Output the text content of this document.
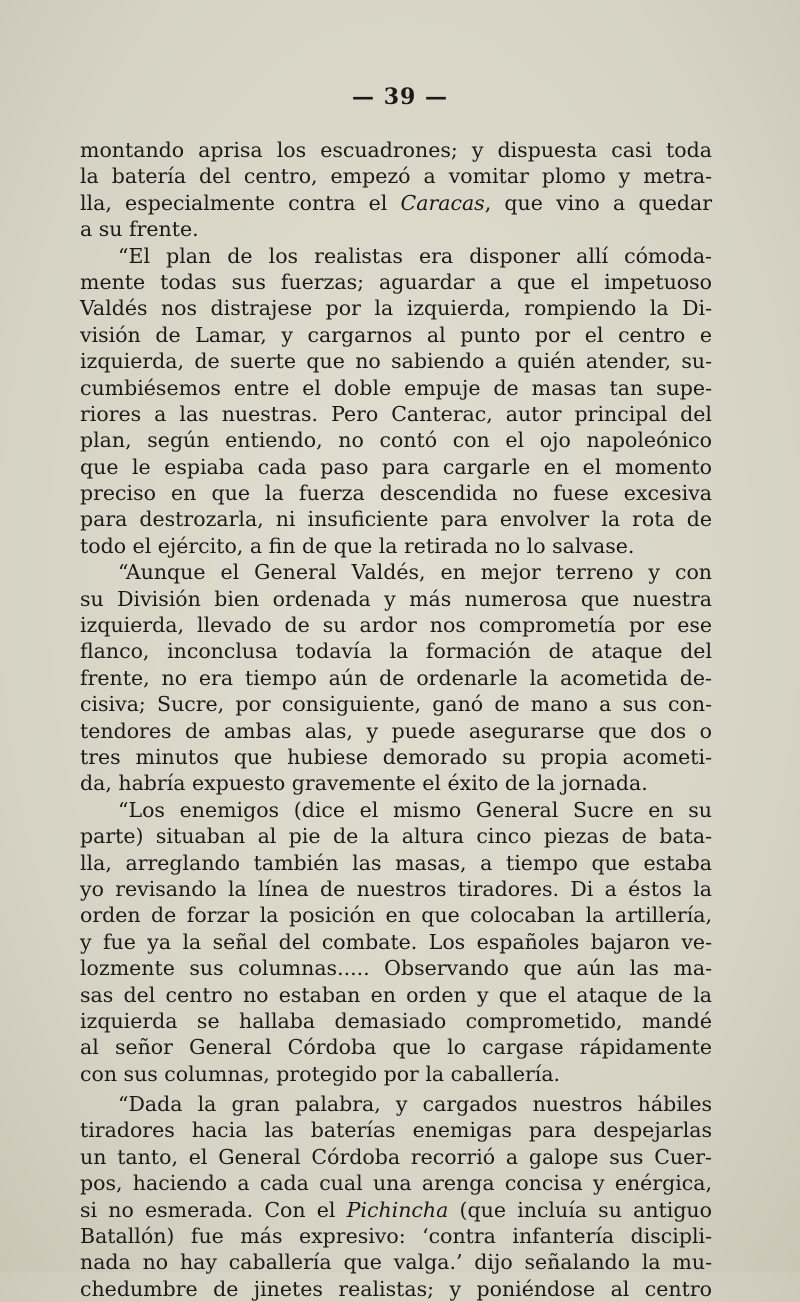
— 39 —
montando aprisa los escuadrones; y dispuesta casi toda
la batería del centro, empezó a vomitar plomo y metra-
lla, especialmente contra el Caracas, que vino a quedar
a su frente.
“El plan de los realistas era disponer allí cómoda-
mente todas sus fuerzas; aguardar a que el impetuoso
Valdés nos distrajese por la izquierda, rompiendo la Di-
visión de Lamar, y cargarnos al punto por el centro e
izquierda, de suerte que no sabiendo a quién atender, su-
cumbiésemos entre el doble empuje de masas tan supe-
riores a las nuestras. Pero Canterac, autor principal del
plan, según entiendo, no contó con el ojo napoleónico
que le espiaba cada paso para cargarle en el momento
preciso en que la fuerza descendida no fuese excesiva
para destrozarla, ni insuficiente para envolver la rota de
todo el ejército, a fin de que la retirada no lo salvase.
“Aunque el General Valdés, en mejor terreno y con
su División bien ordenada y más numerosa que nuestra
izquierda, llevado de su ardor nos comprometía por ese
flanco, inconclusa todavía la formación de ataque del
frente, no era tiempo aún de ordenarle la acometida de-
cisiva; Sucre, por consiguiente, ganó de mano a sus con-
tendores de ambas alas, y puede asegurarse que dos o
tres minutos que hubiese demorado su propia acometi-
da, habría expuesto gravemente el éxito de la jornada.
“Los enemigos (dice el mismo General Sucre en su
parte) situaban al pie de la altura cinco piezas de bata-
lla, arreglando también las masas, a tiempo que estaba
yo revisando la línea de nuestros tiradores. Di a éstos la
orden de forzar la posición en que colocaban la artillería,
y fue ya la señal del combate. Los españoles bajaron ve-
lozmente sus columnas..... Observando que aún las ma-
sas del centro no estaban en orden y que el ataque de la
izquierda se hallaba demasiado comprometido, mandé
al señor General Córdoba que lo cargase rápidamente
con sus columnas, protegido por la caballería.
“Dada la gran palabra, y cargados nuestros hábiles
tiradores hacia las baterías enemigas para despejarlas
un tanto, el General Córdoba recorrió a galope sus Cuer-
pos, haciendo a cada cual una arenga concisa y enérgica,
si no esmerada. Con el Pichincha (que incluía su antiguo
Batallón) fue más expresivo: ‘contra infantería discipli-
nada no hay caballería que valga.’ dijo señalando la mu-
chedumbre de jinetes realistas; y poniéndose al centro
